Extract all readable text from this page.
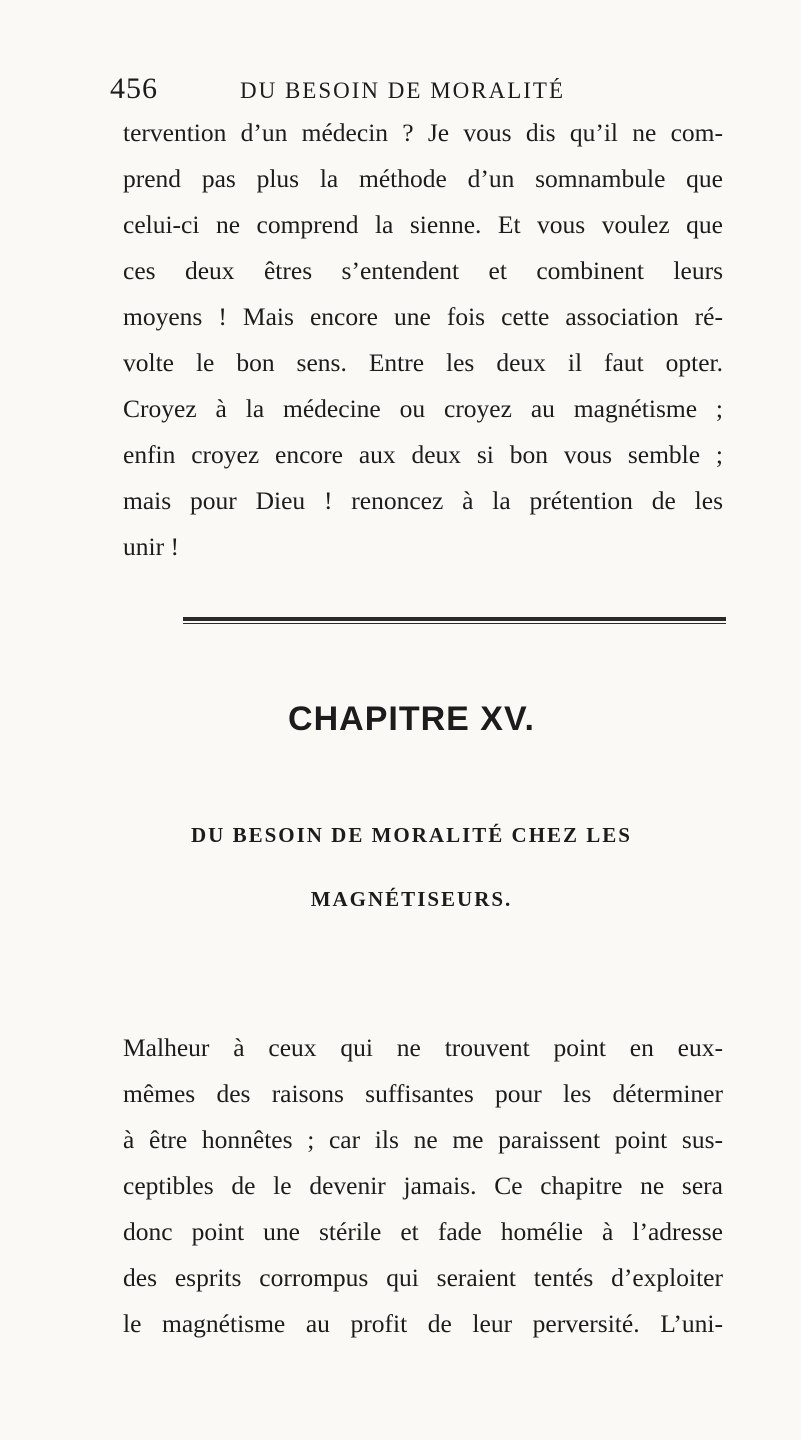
456	DU BESOIN DE MORALITÉ
tervention d’un médecin ? Je vous dis qu’il ne com-
prend pas plus la méthode d’un somnambule que
celui-ci ne comprend la sienne. Et vous voulez que
ces deux êtres s’entendent et combinent leurs
moyens ! Mais encore une fois cette association ré-
volte le bon sens. Entre les deux il faut opter.
Croyez à la médecine ou croyez au magnétisme ;
enfin croyez encore aux deux si bon vous semble ;
mais pour Dieu ! renoncez à la prétention de les
unir !
CHAPITRE XV.
DU BESOIN DE MORALITÉ CHEZ LES
MAGNÉTISEURS.
Malheur à ceux qui ne trouvent point en eux-
mêmes des raisons suffisantes pour les déterminer
à être honnêtes ; car ils ne me paraissent point sus-
ceptibles de le devenir jamais. Ce chapitre ne sera
donc point une stérile et fade homélie à l’adresse
des esprits corrompus qui seraient tentés d’exploiter
le magnétisme au profit de leur perversité. L’uni-
